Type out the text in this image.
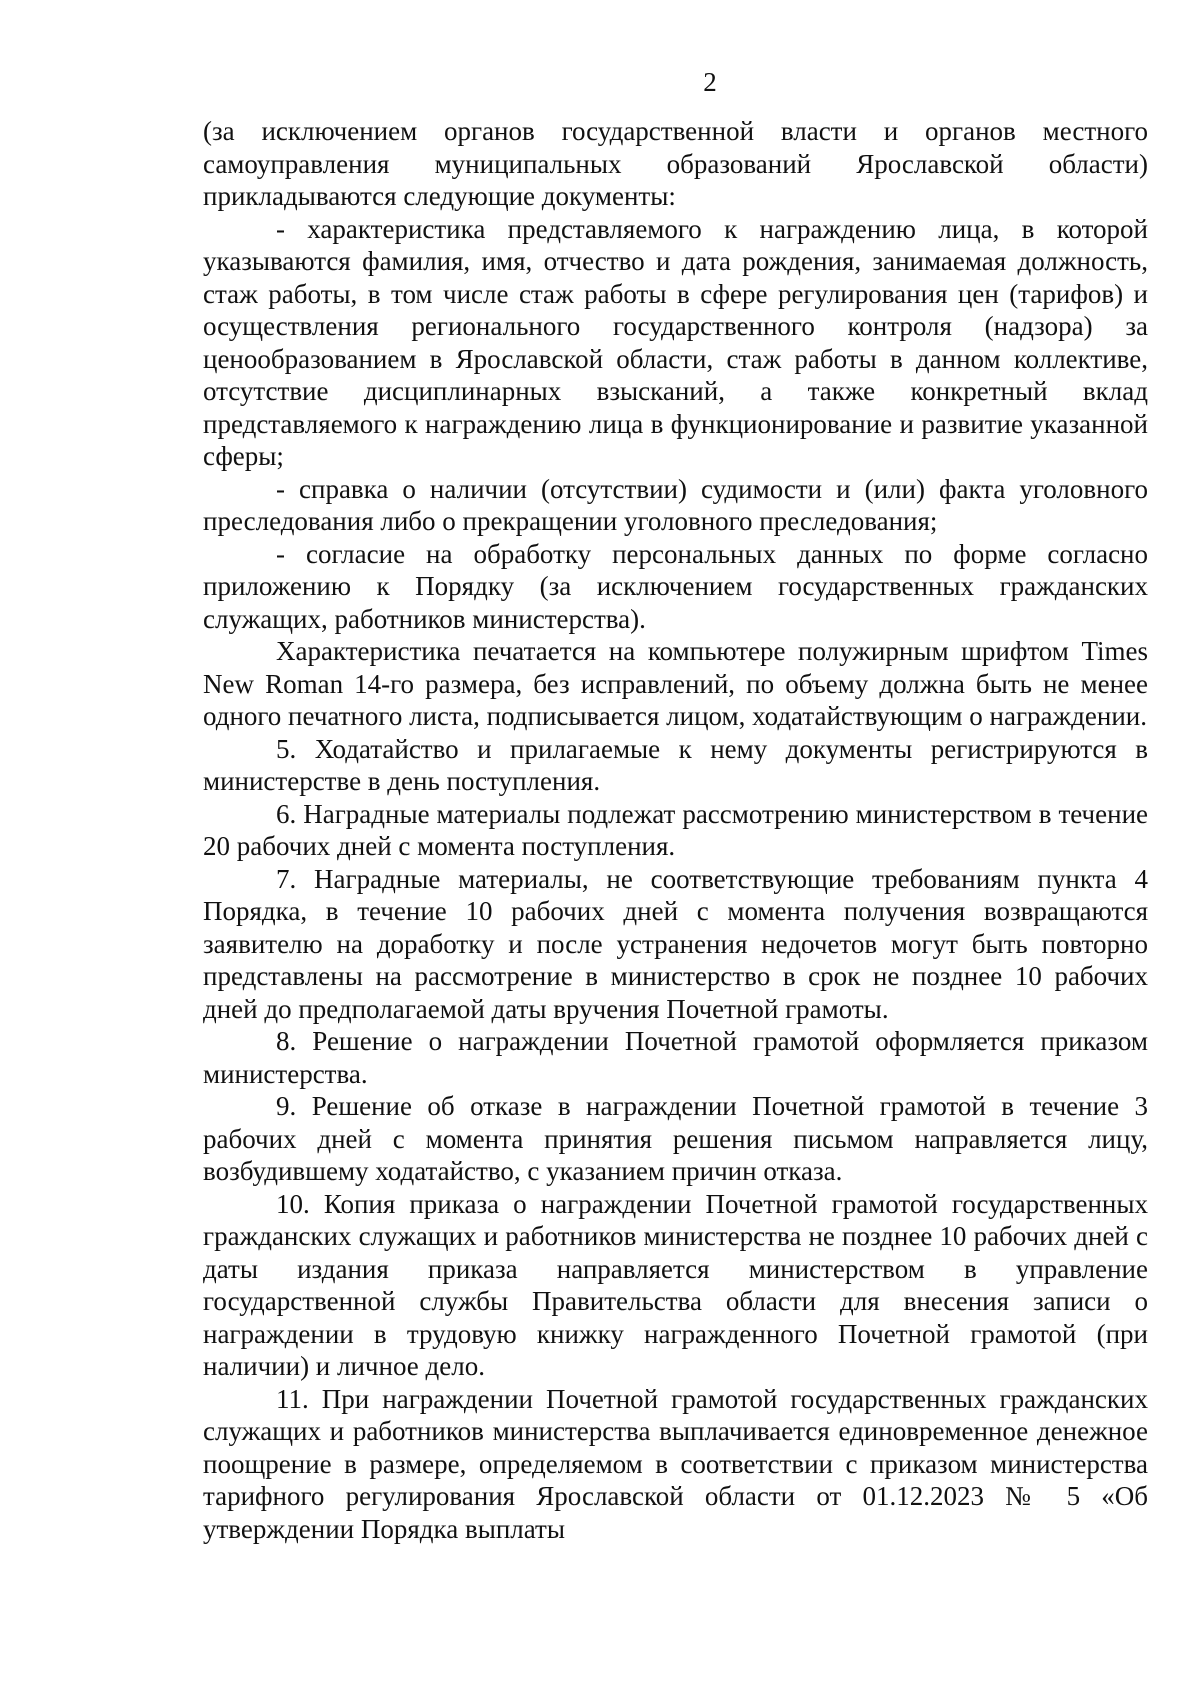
2

(за исключением органов государственной власти и органов местного самоуправления муниципальных образований Ярославской области) прикладываются следующие документы:

- характеристика представляемого к награждению лица, в которой указываются фамилия, имя, отчество и дата рождения, занимаемая должность, стаж работы, в том числе стаж работы в сфере регулирования цен (тарифов) и осуществления регионального государственного контроля (надзора) за ценообразованием в Ярославской области, стаж работы в данном коллективе, отсутствие дисциплинарных взысканий, а также конкретный вклад представляемого к награждению лица в функционирование и развитие указанной сферы;

- справка о наличии (отсутствии) судимости и (или) факта уголовного преследования либо о прекращении уголовного преследования;

- согласие на обработку персональных данных по форме согласно приложению к Порядку (за исключением государственных гражданских служащих, работников министерства).

Характеристика печатается на компьютере полужирным шрифтом Times New Roman 14-го размера, без исправлений, по объему должна быть не менее одного печатного листа, подписывается лицом, ходатайствующим о награждении.

5. Ходатайство и прилагаемые к нему документы регистрируются в министерстве в день поступления.

6. Наградные материалы подлежат рассмотрению министерством в течение 20 рабочих дней с момента поступления.

7. Наградные материалы, не соответствующие требованиям пункта 4 Порядка, в течение 10 рабочих дней с момента получения возвращаются заявителю на доработку и после устранения недочетов могут быть повторно представлены на рассмотрение в министерство в срок не позднее 10 рабочих дней до предполагаемой даты вручения Почетной грамоты.

8. Решение о награждении Почетной грамотой оформляется приказом министерства.

9. Решение об отказе в награждении Почетной грамотой в течение 3 рабочих дней с момента принятия решения письмом направляется лицу, возбудившему ходатайство, с указанием причин отказа.

10. Копия приказа о награждении Почетной грамотой государственных гражданских служащих и работников министерства не позднее 10 рабочих дней с даты издания приказа направляется министерством в управление государственной службы Правительства области для внесения записи о награждении в трудовую книжку награжденного Почетной грамотой (при наличии) и личное дело.

11. При награждении Почетной грамотой государственных гражданских служащих и работников министерства выплачивается единовременное денежное поощрение в размере, определяемом в соответствии с приказом министерства тарифного регулирования Ярославской области от 01.12.2023 № 5 «Об утверждении Порядка выплаты
